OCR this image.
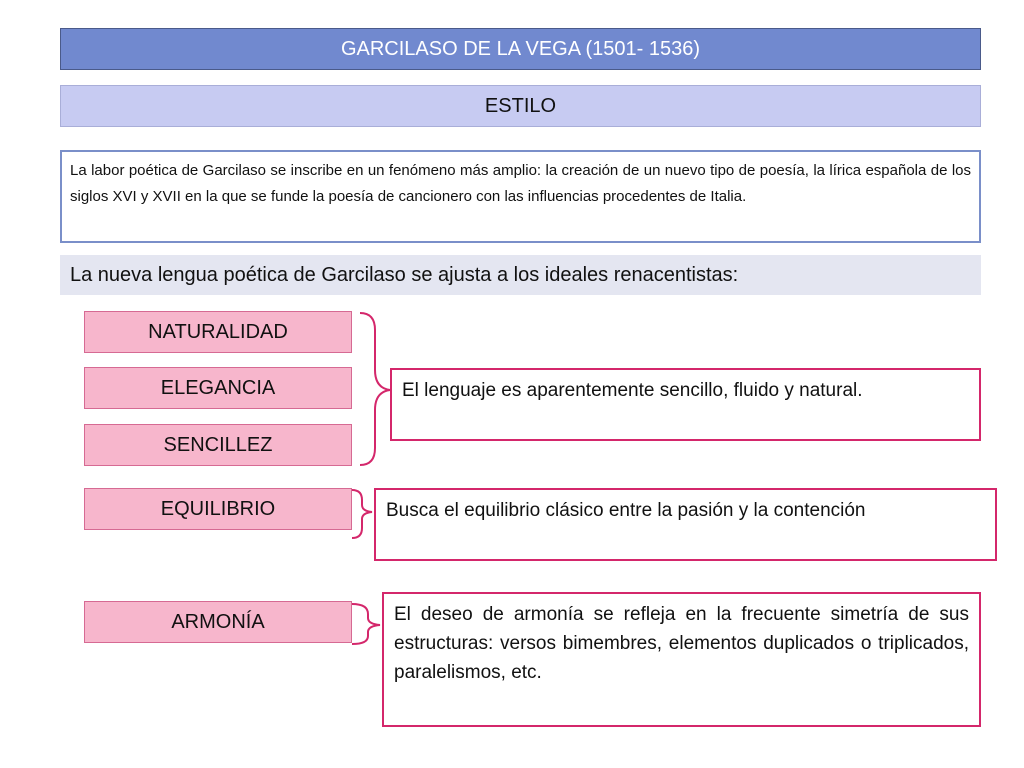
GARCILASO DE LA VEGA (1501- 1536)
ESTILO
La labor poética de Garcilaso se inscribe en un fenómeno más amplio: la creación de un nuevo tipo de poesía, la lírica española de los siglos XVI y XVII en la que se funde la poesía de cancionero con las influencias procedentes de Italia.
La nueva lengua poética de Garcilaso se ajusta a los ideales renacentistas:
NATURALIDAD
ELEGANCIA
SENCILLEZ
EQUILIBRIO
ARMONÍA
El lenguaje es aparentemente sencillo, fluido y natural.
Busca el equilibrio clásico entre la pasión y la contención
El deseo de armonía se refleja en la frecuente simetría de sus estructuras: versos bimembres, elementos duplicados o triplicados, paralelismos, etc.
